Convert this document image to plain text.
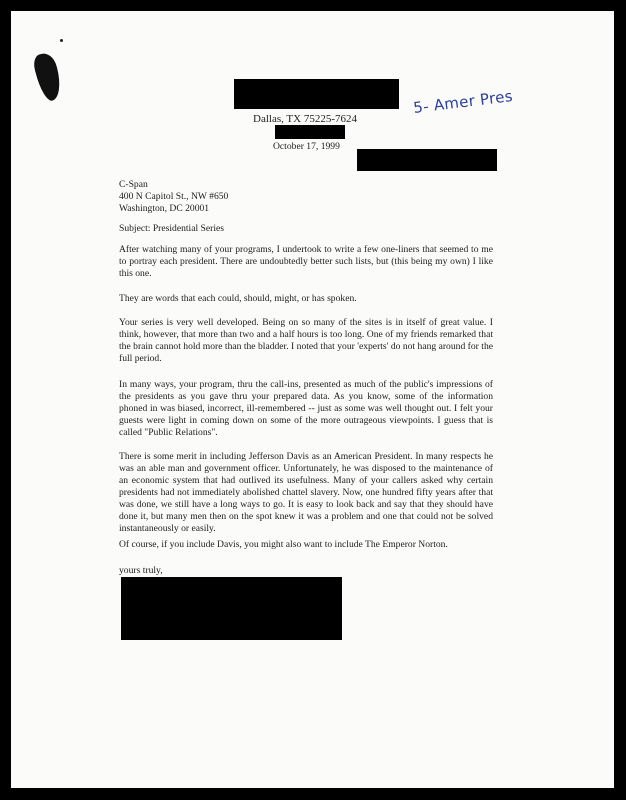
Dallas, TX 75225-7624

October 17, 1999

5- Amer Pres

C-Span

400 N Capitol St., NW #650

Washington, DC 20001

Subject: Presidential Series

After watching many of your programs, I undertook to write a few one-liners that seemed to me to portray each president. There are undoubtedly better such lists, but (this being my own) I like this one.

They are words that each could, should, might, or has spoken.

Your series is very well developed. Being on so many of the sites is in itself of great value. I think, however, that more than two and a half hours is too long. One of my friends remarked that the brain cannot hold more than the bladder. I noted that your 'experts' do not hang around for the full period.

In many ways, your program, thru the call-ins, presented as much of the public's impressions of the presidents as you gave thru your prepared data. As you know, some of the information phoned in was biased, incorrect, ill-remembered -- just as some was well thought out. I felt your guests were light in coming down on some of the more outrageous viewpoints. I guess that is called "Public Relations".

There is some merit in including Jefferson Davis as an American President. In many respects he was an able man and government officer. Unfortunately, he was disposed to the maintenance of an economic system that had outlived its usefulness. Many of your callers asked why certain presidents had not immediately abolished chattel slavery. Now, one hundred fifty years after that was done, we still have a long ways to go. It is easy to look back and say that they should have done it, but many men then on the spot knew it was a problem and one that could not be solved instantaneously or easily.

Of course, if you include Davis, you might also want to include The Emperor Norton.

yours truly,
